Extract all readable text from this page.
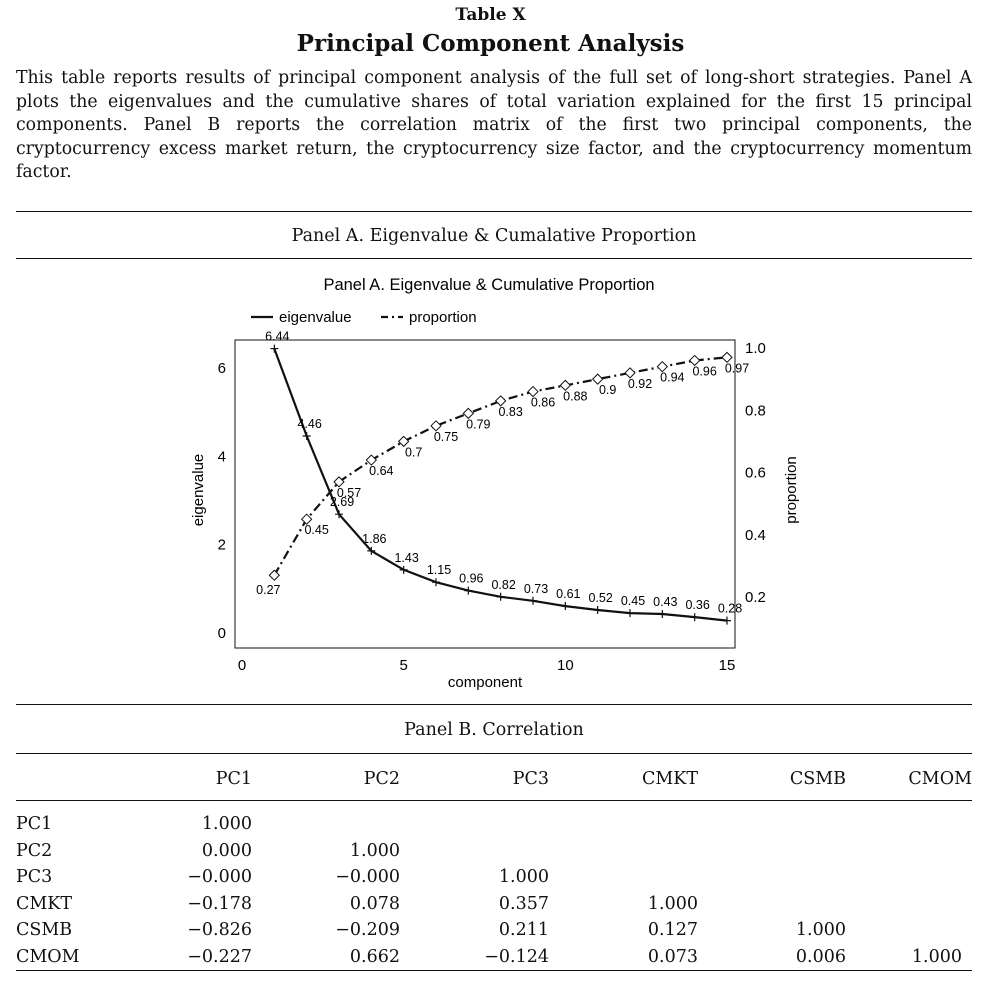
Table X
Principal Component Analysis
This table reports results of principal component analysis of the full set of long-short strategies. Panel A plots the eigenvalues and the cumulative shares of total variation explained for the first 15 principal components. Panel B reports the correlation matrix of the first two principal components, the cryptocurrency excess market return, the cryptocurrency size factor, and the cryptocurrency momentum factor.
Panel A. Eigenvalue & Cumalative Proportion
0	5	10	15
0
2
4
6
0.2
0.4
0.6
0.8
1.0
6.44
4.46
2.69
1.86
1.43
1.15
0.96 0.82 0.73 0.61 0.52 0.45 0.43 0.36 0.28
0.27
0.45
0.57
0.64
0.7
0.75
0.79
0.83
0.86 0.88 0.9 0.92 0.94 0.96 0.97
Panel A. Eigenvalue & Cumulative Proportion
eigenvalue	proportion
component
eigenvalue	proportion
Panel B. Correlation
	PC1	PC2	PC3	CMKT	CSMB	CMOM
PC1	1.000					
PC2	0.000	1.000				
PC3	−0.000	−0.000	1.000			
CMKT	−0.178	0.078	0.357	1.000		
CSMB	−0.826	−0.209	0.211	0.127	1.000	
CMOM	−0.227	0.662	−0.124	0.073	0.006	1.000
